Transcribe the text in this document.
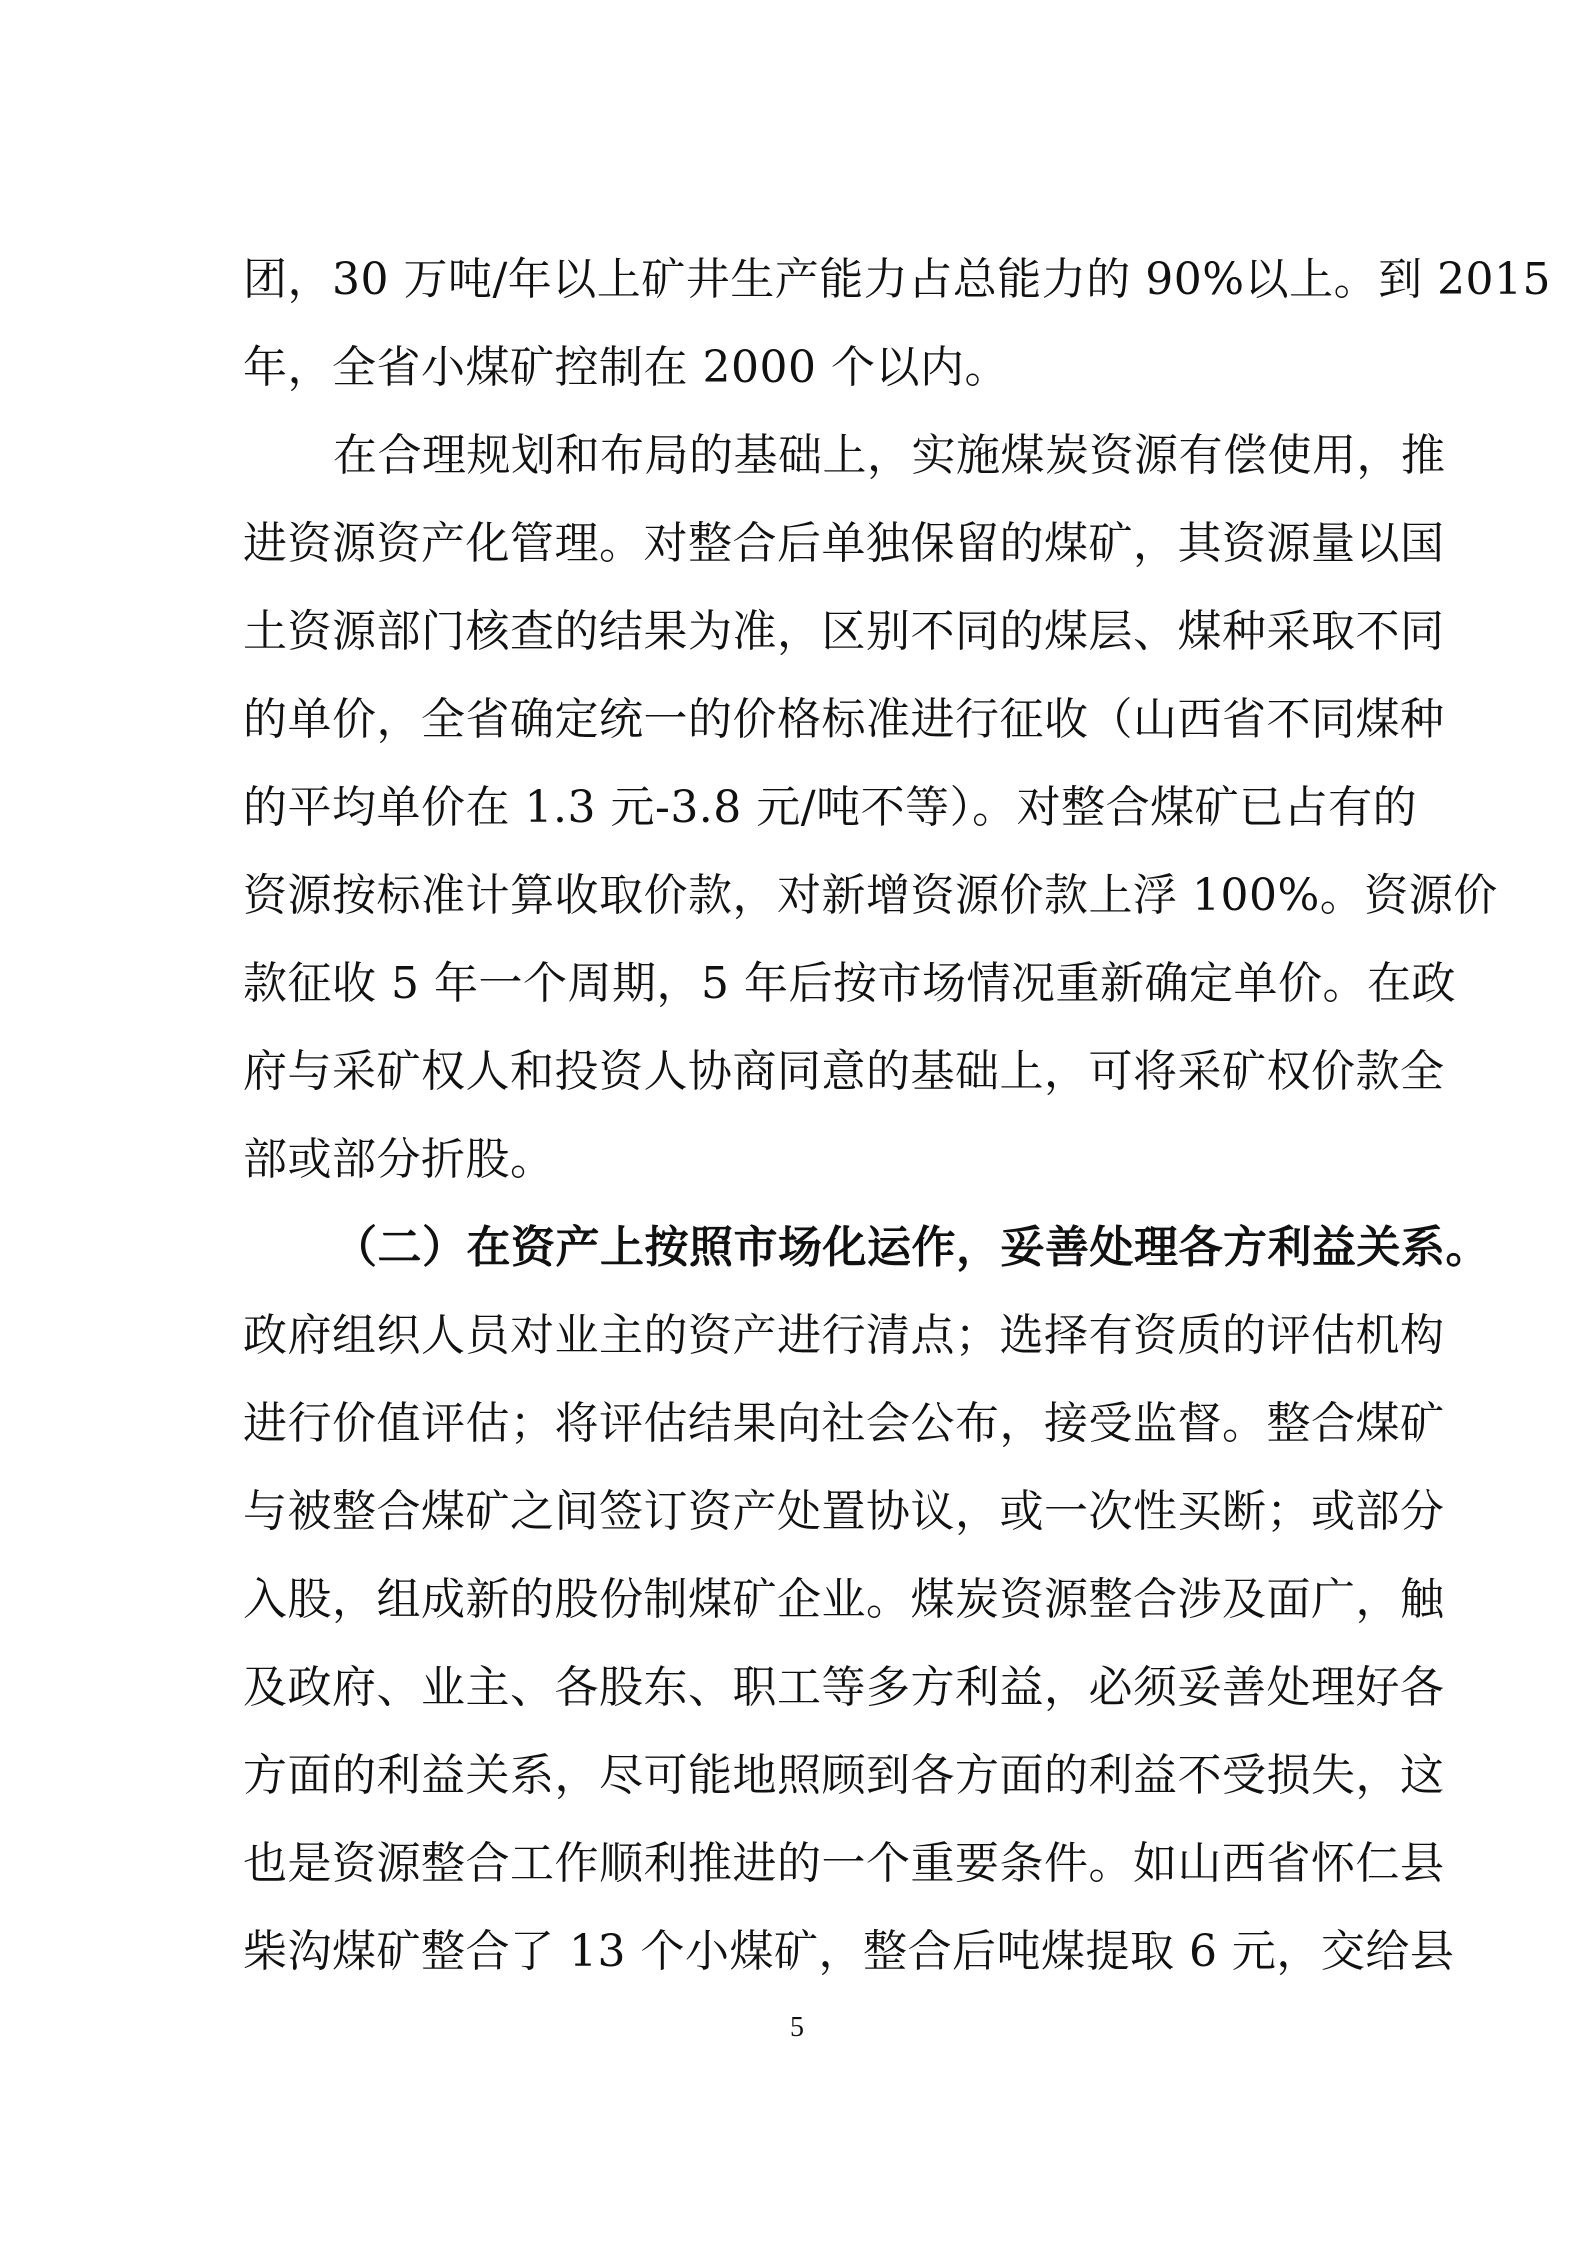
团，30 万吨/年以上矿井生产能力占总能力的 90%以上。到 2015
年，全省小煤矿控制在 2000 个以内。
在合理规划和布局的基础上，实施煤炭资源有偿使用，推
进资源资产化管理。对整合后单独保留的煤矿，其资源量以国
土资源部门核查的结果为准，区别不同的煤层、煤种采取不同
的单价，全省确定统一的价格标准进行征收（山西省不同煤种
的平均单价在 1.3 元-3.8 元/吨不等）。对整合煤矿已占有的
资源按标准计算收取价款，对新增资源价款上浮 100%。资源价
款征收 5 年一个周期，5 年后按市场情况重新确定单价。在政
府与采矿权人和投资人协商同意的基础上，可将采矿权价款全
部或部分折股。
（二）在资产上按照市场化运作，妥善处理各方利益关系。
政府组织人员对业主的资产进行清点；选择有资质的评估机构
进行价值评估；将评估结果向社会公布，接受监督。整合煤矿
与被整合煤矿之间签订资产处置协议，或一次性买断；或部分
入股，组成新的股份制煤矿企业。煤炭资源整合涉及面广，触
及政府、业主、各股东、职工等多方利益，必须妥善处理好各
方面的利益关系，尽可能地照顾到各方面的利益不受损失，这
也是资源整合工作顺利推进的一个重要条件。如山西省怀仁县
柴沟煤矿整合了 13 个小煤矿，整合后吨煤提取 6 元，交给县
5
